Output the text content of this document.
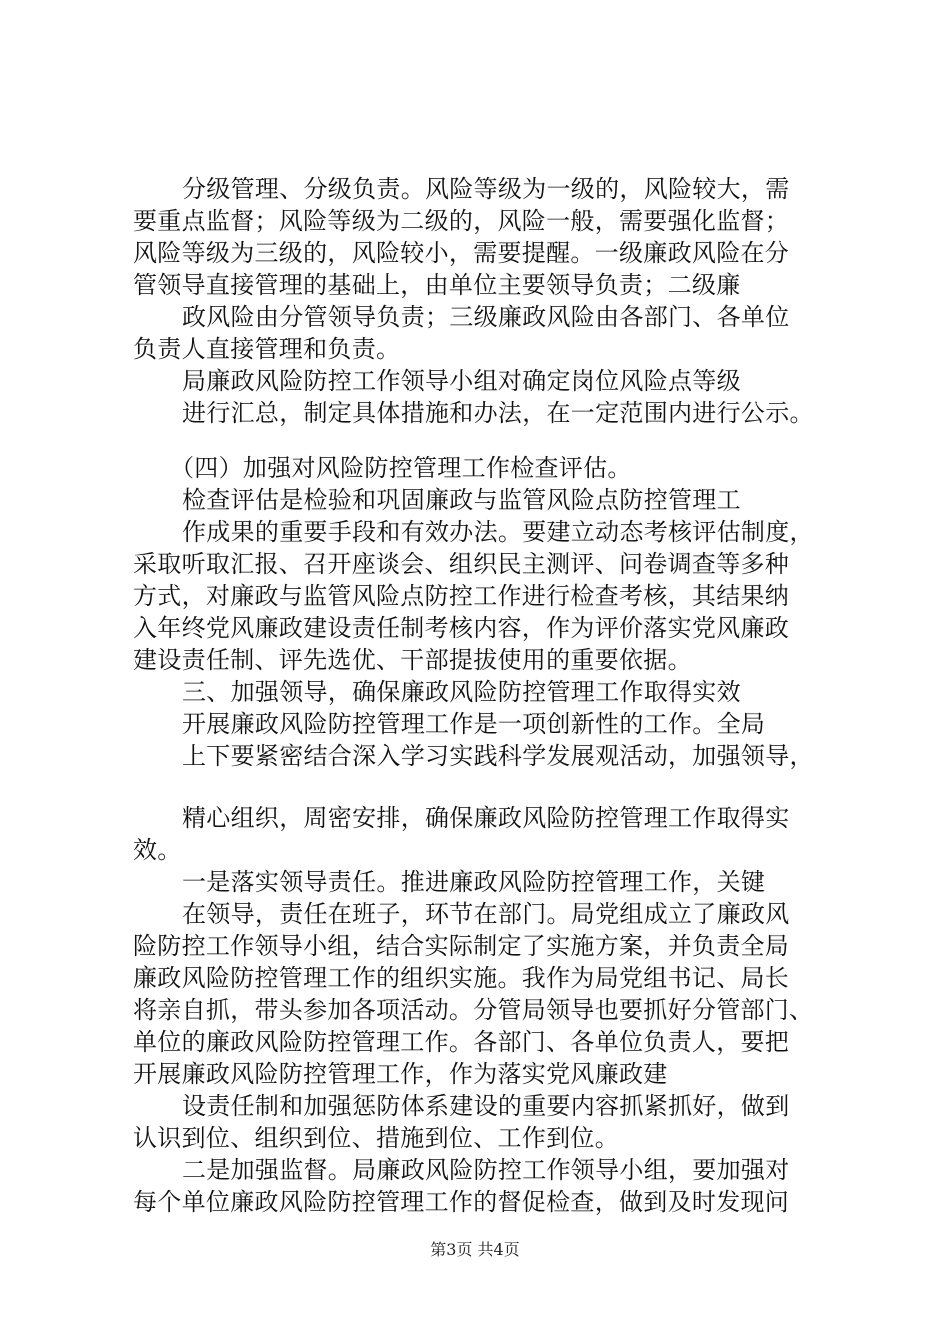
分级管理、分级负责。风险等级为一级的，风险较大，需
要重点监督；风险等级为二级的，风险一般，需要强化监督；
风险等级为三级的，风险较小，需要提醒。一级廉政风险在分
管领导直接管理的基础上，由单位主要领导负责；二级廉
政风险由分管领导负责；三级廉政风险由各部门、各单位
负责人直接管理和负责。
局廉政风险防控工作领导小组对确定岗位风险点等级
进行汇总，制定具体措施和办法，在一定范围内进行公示。
（四）加强对风险防控管理工作检查评估。
检查评估是检验和巩固廉政与监管风险点防控管理工
作成果的重要手段和有效办法。要建立动态考核评估制度，
采取听取汇报、召开座谈会、组织民主测评、问卷调查等多种
方式，对廉政与监管风险点防控工作进行检查考核，其结果纳
入年终党风廉政建设责任制考核内容，作为评价落实党风廉政
建设责任制、评先选优、干部提拔使用的重要依据。
三、加强领导，确保廉政风险防控管理工作取得实效
开展廉政风险防控管理工作是一项创新性的工作。全局
上下要紧密结合深入学习实践科学发展观活动，加强领导，
精心组织，周密安排，确保廉政风险防控管理工作取得实
效。
一是落实领导责任。推进廉政风险防控管理工作，关键
在领导，责任在班子，环节在部门。局党组成立了廉政风
险防控工作领导小组，结合实际制定了实施方案，并负责全局
廉政风险防控管理工作的组织实施。我作为局党组书记、局长
将亲自抓，带头参加各项活动。分管局领导也要抓好分管部门、
单位的廉政风险防控管理工作。各部门、各单位负责人，要把
开展廉政风险防控管理工作，作为落实党风廉政建
设责任制和加强惩防体系建设的重要内容抓紧抓好，做到
认识到位、组织到位、措施到位、工作到位。
二是加强监督。局廉政风险防控工作领导小组，要加强对
每个单位廉政风险防控管理工作的督促检查，做到及时发现问
第3页 共4页
